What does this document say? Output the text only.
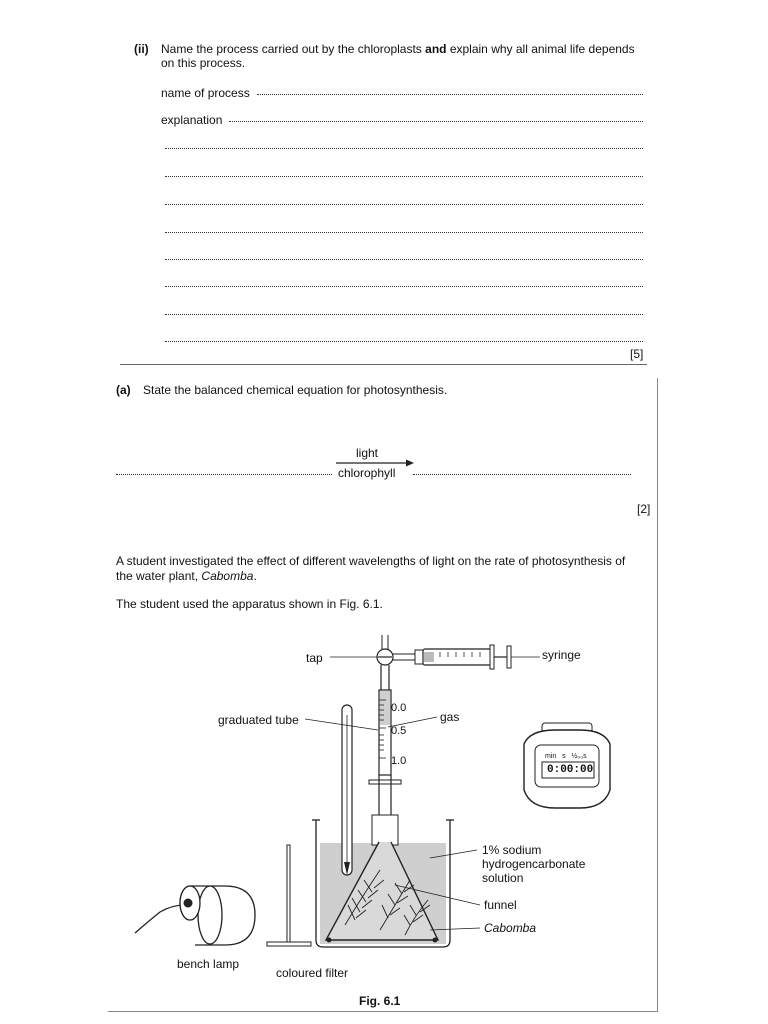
(ii) Name the process carried out by the chloroplasts and explain why all animal life depends
on this process.
name of process
explanation
[5]
(a) State the balanced chemical equation for photosynthesis.
light
chlorophyll
[2]
A student investigated the effect of different wavelengths of light on the rate of photosynthesis of
the water plant, Cabomba.
The student used the apparatus shown in Fig. 6.1.
tap	syringe
graduated tube	gas
0.0
0.5
1.0	min   s   ½₀₀s
0:00:00
1% sodium
hydrogencarbonate
solution
funnel
Cabomba
bench lamp
coloured filter
Fig. 6.1
